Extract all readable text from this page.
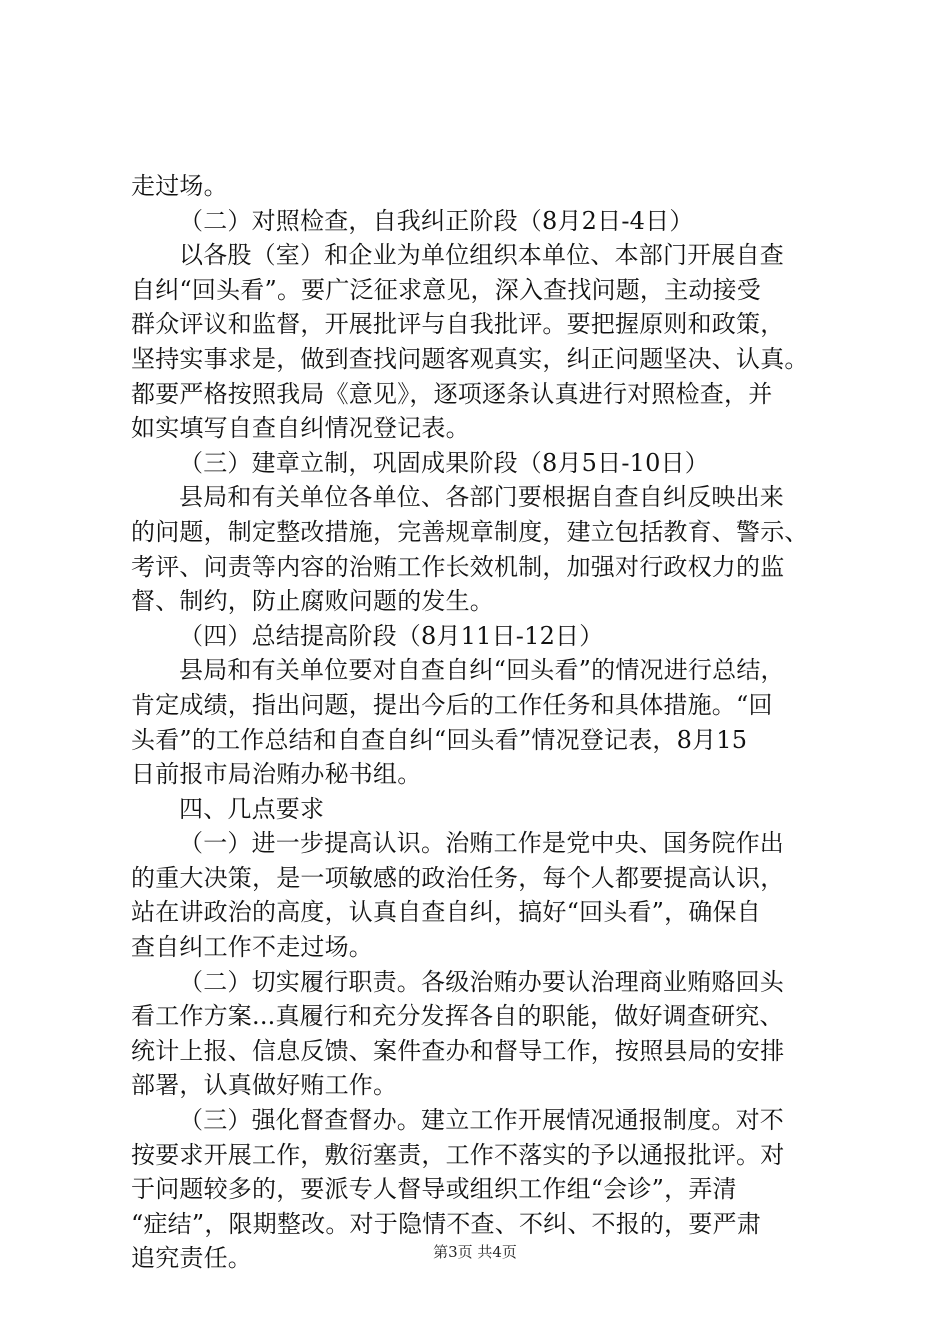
走过场。
（二）对照检查，自我纠正阶段（8月2日-4日）
以各股（室）和企业为单位组织本单位、本部门开展自查
自纠“回头看”。要广泛征求意见，深入查找问题，主动接受
群众评议和监督，开展批评与自我批评。要把握原则和政策，
坚持实事求是，做到查找问题客观真实，纠正问题坚决、认真。
都要严格按照我局《意见》，逐项逐条认真进行对照检查，并
如实填写自查自纠情况登记表。
（三）建章立制，巩固成果阶段（8月5日-10日）
县局和有关单位各单位、各部门要根据自查自纠反映出来
的问题，制定整改措施，完善规章制度，建立包括教育、警示、
考评、问责等内容的治贿工作长效机制，加强对行政权力的监
督、制约，防止腐败问题的发生。
（四）总结提高阶段（8月11日-12日）
县局和有关单位要对自查自纠“回头看”的情况进行总结，
肯定成绩，指出问题，提出今后的工作任务和具体措施。“回
头看”的工作总结和自查自纠“回头看”情况登记表，8月15
日前报市局治贿办秘书组。
四、几点要求
（一）进一步提高认识。治贿工作是党中央、国务院作出
的重大决策，是一项敏感的政治任务，每个人都要提高认识，
站在讲政治的高度，认真自查自纠，搞好“回头看”，确保自
查自纠工作不走过场。
（二）切实履行职责。各级治贿办要认治理商业贿赂回头
看工作方案...真履行和充分发挥各自的职能，做好调查研究、
统计上报、信息反馈、案件查办和督导工作，按照县局的安排
部署，认真做好贿工作。
（三）强化督查督办。建立工作开展情况通报制度。对不
按要求开展工作，敷衍塞责，工作不落实的予以通报批评。对
于问题较多的，要派专人督导或组织工作组“会诊”，弄清
“症结”，限期整改。对于隐情不查、不纠、不报的，要严肃
追究责任。	第3页 共4页
